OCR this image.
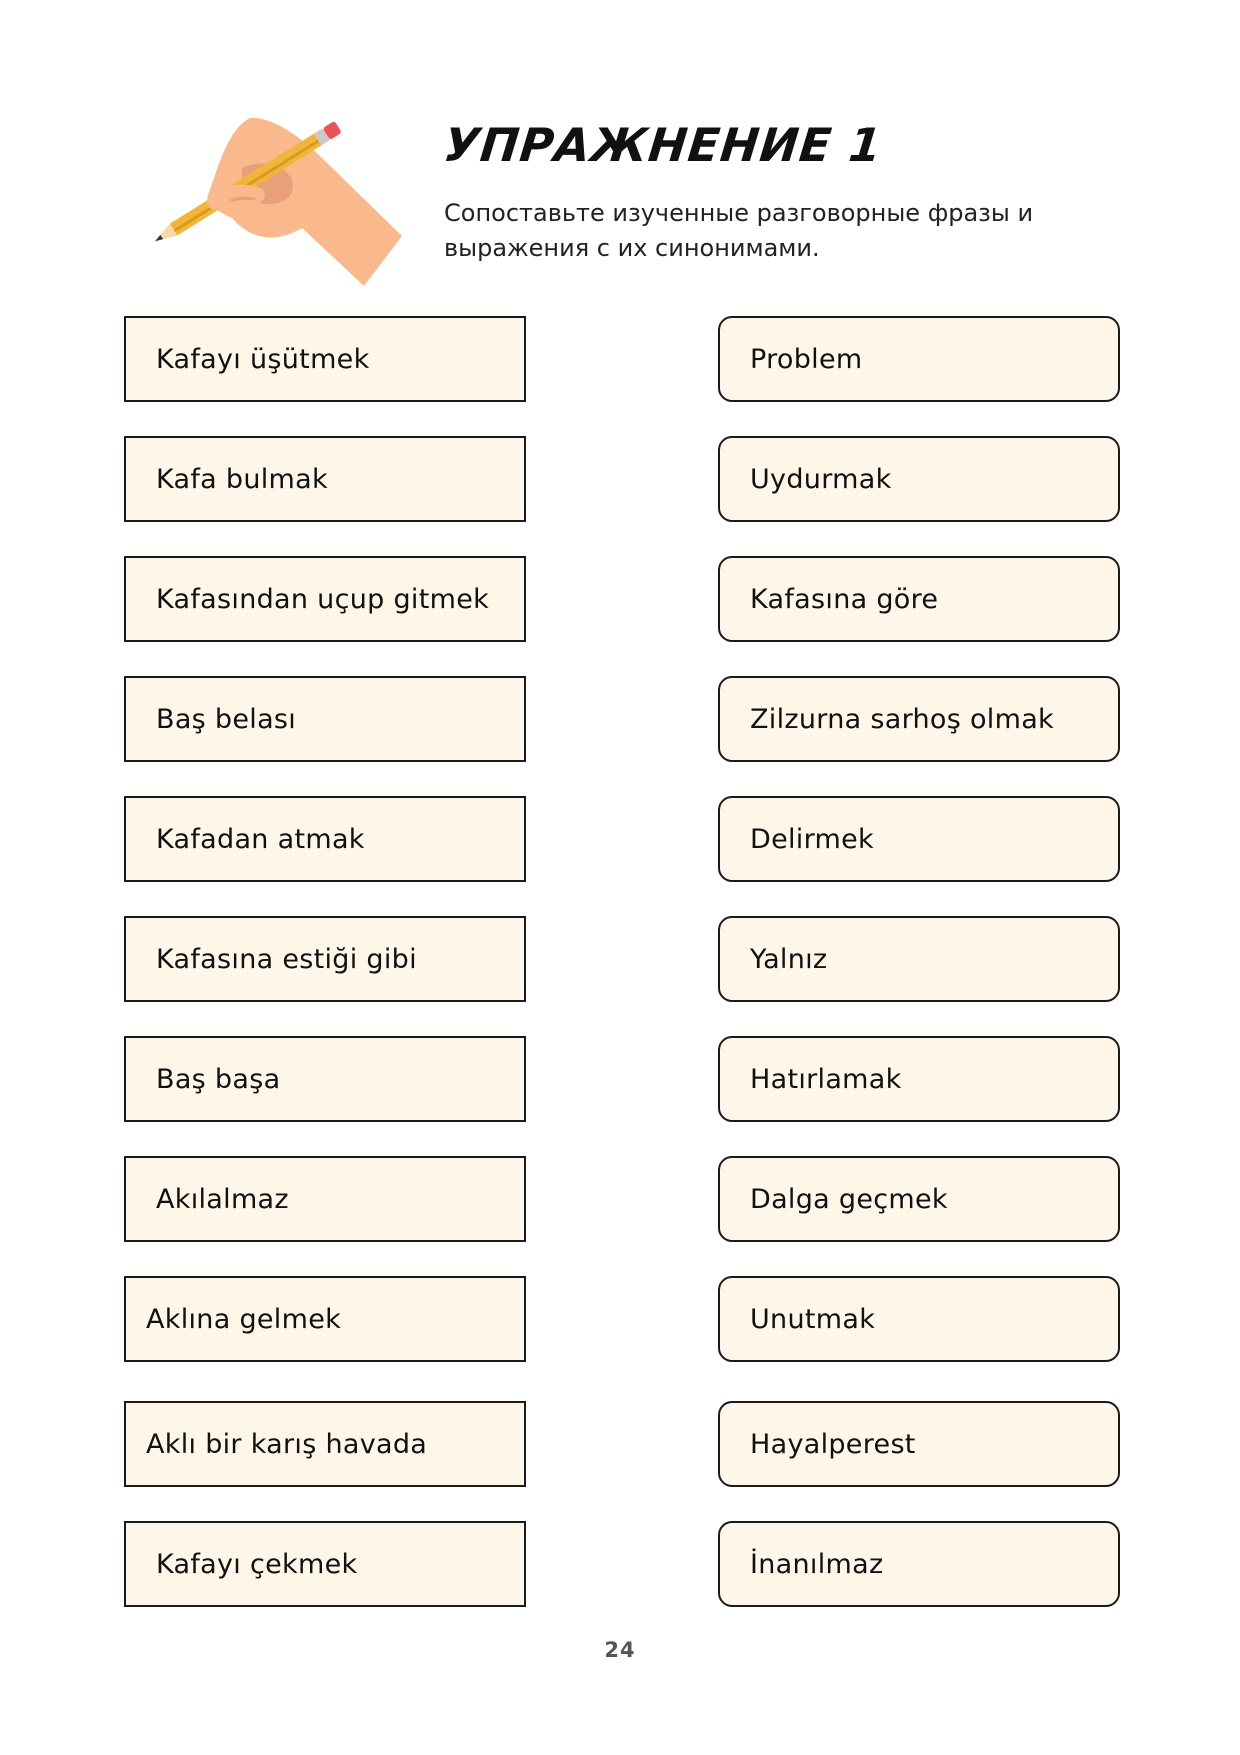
УПРАЖНЕНИЕ 1

Сопоставьте изученные разговорные фразы и
выражения с их синонимами.

Kafayı üşütmek
Kafa bulmak
Kafasından uçup gitmek
Baş belası
Kafadan atmak
Kafasına estiği gibi
Baş başa
Akılalmaz
Aklına gelmek
Aklı bir karış havada
Kafayı çekmek
Problem
Uydurmak
Kafasına göre
Zilzurna sarhoş olmak
Delirmek
Yalnız
Hatırlamak
Dalga geçmek
Unutmak
Hayalperest
İnanılmaz
24
